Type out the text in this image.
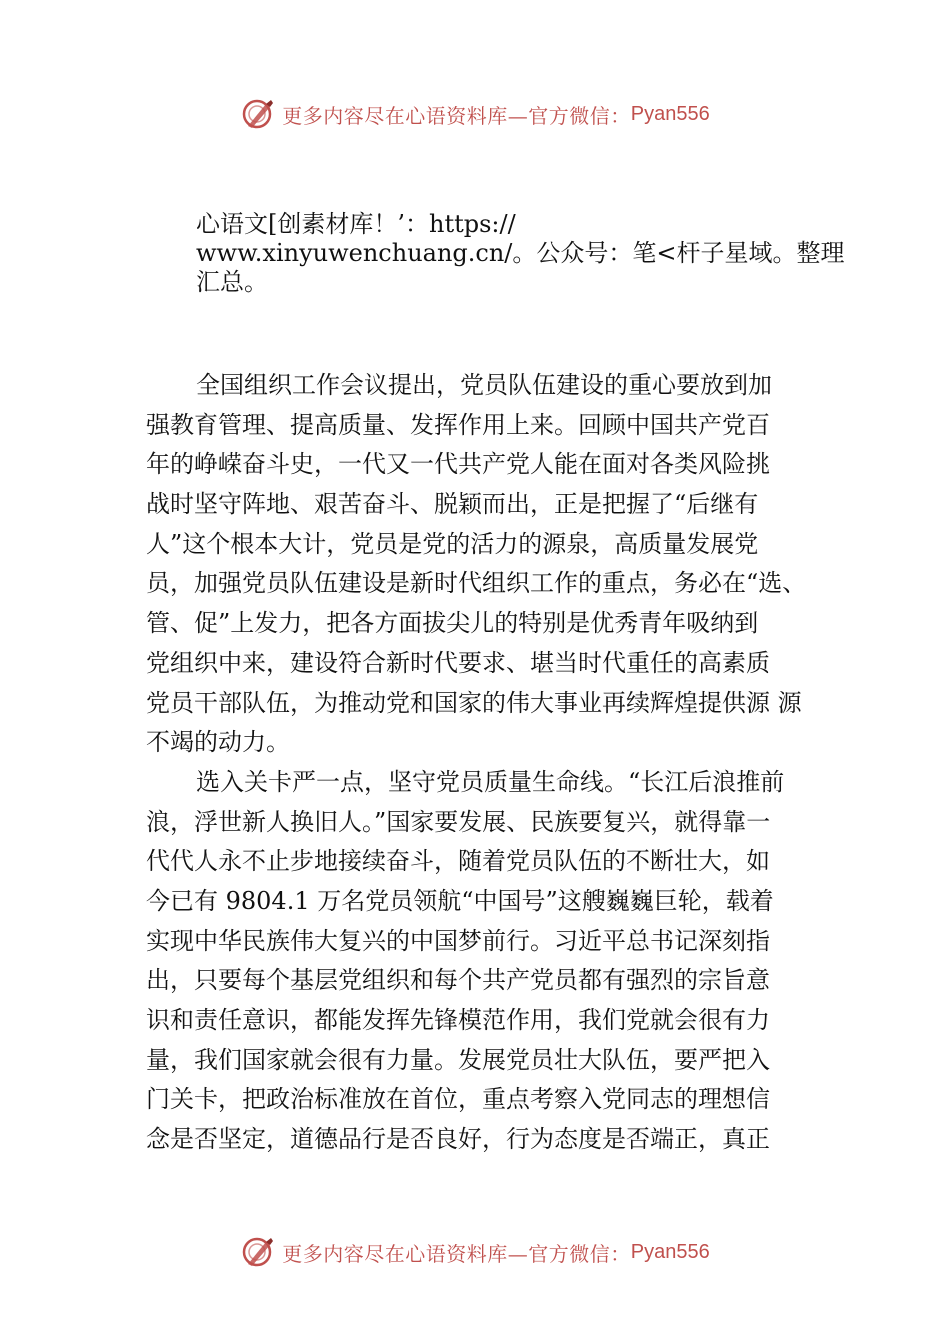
更多内容尽在心语资料库—官方微信： Pyan556
心语文[创素材库！’：https://
www.xinyuwenchuang.cn/。公众号：笔<杆子星域。整理
汇总。
全国组织工作会议提出，党员队伍建设的重心要放到加
强教育管理、提高质量、发挥作用上来。回顾中国共产党百
年的峥嵘奋斗史，一代又一代共产党人能在面对各类风险挑
战时坚守阵地、艰苦奋斗、脱颖而出，正是把握了“后继有
人”这个根本大计，党员是党的活力的源泉，高质量发展党
员，加强党员队伍建设是新时代组织工作的重点，务必在“选、
管、促”上发力，把各方面拔尖儿的特别是优秀青年吸纳到
党组织中来，建设符合新时代要求、堪当时代重任的高素质
党员干部队伍，为推动党和国家的伟大事业再续辉煌提供源 源
不竭的动力。
选入关卡严一点，坚守党员质量生命线。“长江后浪推前
浪，浮世新人换旧人。”国家要发展、民族要复兴，就得靠一
代代人永不止步地接续奋斗，随着党员队伍的不断壮大，如
今已有 9804.1 万名党员领航“中国号”这艘巍巍巨轮，载着
实现中华民族伟大复兴的中国梦前行。习近平总书记深刻指
出，只要每个基层党组织和每个共产党员都有强烈的宗旨意
识和责任意识，都能发挥先锋模范作用，我们党就会很有力
量，我们国家就会很有力量。发展党员壮大队伍，要严把入
门关卡，把政治标准放在首位，重点考察入党同志的理想信
念是否坚定，道德品行是否良好，行为态度是否端正，真正
更多内容尽在心语资料库—官方微信： Pyan556
